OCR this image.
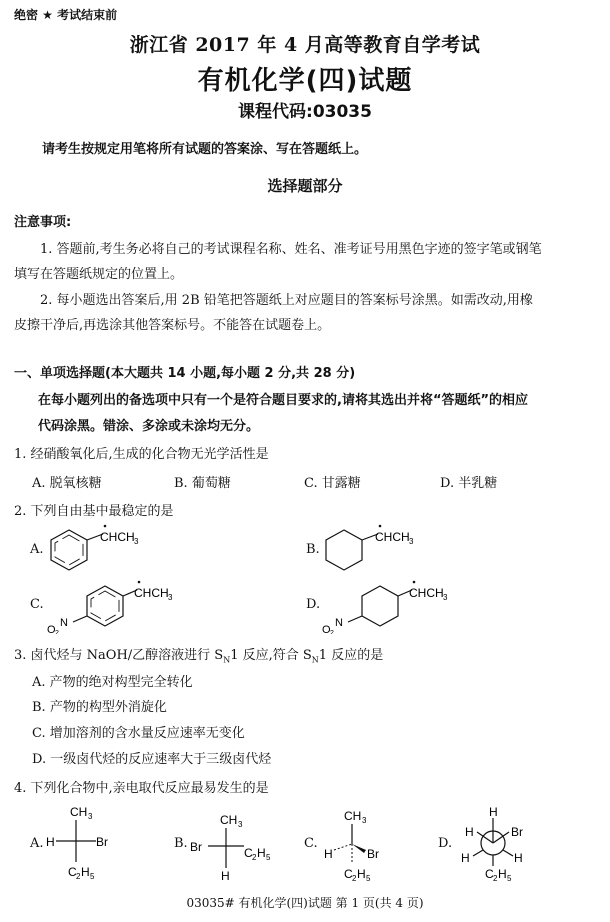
绝密 ★ 考试结束前
浙江省 2017 年 4 月高等教育自学考试
有机化学(四)试题
课程代码:03035
请考生按规定用笔将所有试题的答案涂、写在答题纸上。
选择题部分
注意事项:
1. 答题前,考生务必将自己的考试课程名称、姓名、准考证号用黑色字迹的签字笔或钢笔
填写在答题纸规定的位置上。
2. 每小题选出答案后,用 2B 铅笔把答题纸上对应题目的答案标号涂黑。如需改动,用橡
皮擦干净后,再选涂其他答案标号。不能答在试题卷上。
一、单项选择题(本大题共 14 小题,每小题 2 分,共 28 分)
在每小题列出的备选项中只有一个是符合题目要求的,请将其选出并将“答题纸”的相应
代码涂黑。错涂、多涂或未涂均无分。
1. 经硝酸氧化后,生成的化合物无光学活性是
A. 脱氧核糖	B. 葡萄糖	C. 甘露糖	D. 半乳糖
2. 下列自由基中最稳定的是
A.	B.
C.	D.
CHCH 3	CHCH 3
O 2
N
CHCH 3
O 2
N
CHCH 3
3. 卤代烃与 NaOH/乙醇溶液进行 $S_N1$ 反应,符合 $S_N1$ 反应的是
A. 产物的绝对构型完全转化
B. 产物的构型外消旋化
C. 增加溶剂的含水量反应速率无变化
D. 一级卤代烃的反应速率大于三级卤代烃
4. 下列化合物中,亲电取代反应最易发生的是
A.	B.	C.	D.
CH 3
H	Br
C 2 H 5
CH 3
Br	C 2 H 5
H
CH 3
H	Br
C 2 H 5
H
H	Br
H	H
C 2 H 5
03035# 有机化学(四)试题 第 1 页(共 4 页)
